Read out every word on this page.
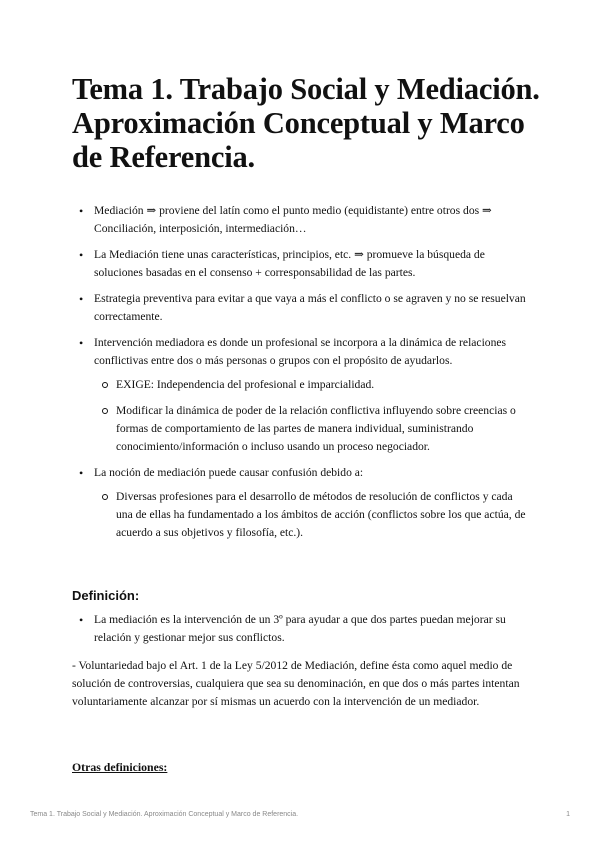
Tema 1. Trabajo Social y Mediación. Aproximación Conceptual y Marco de Referencia.
• Mediación ⇒ proviene del latín como el punto medio (equidistante) entre otros dos ⇒ Conciliación, interposición, intermediación…
• La Mediación tiene unas características, principios, etc. ⇒ promueve la búsqueda de soluciones basadas en el consenso + corresponsabilidad de las partes.
• Estrategia preventiva para evitar a que vaya a más el conflicto o se agraven y no se resuelvan correctamente.
• Intervención mediadora es donde un profesional se incorpora a la dinámica de relaciones conflictivas entre dos o más personas o grupos con el propósito de ayudarlos.
EXIGE: Independencia del profesional e imparcialidad.
Modificar la dinámica de poder de la relación conflictiva influyendo sobre creencias o formas de comportamiento de las partes de manera individual, suministrando conocimiento/información o incluso usando un proceso negociador.
• La noción de mediación puede causar confusión debido a:
Diversas profesiones para el desarrollo de métodos de resolución de conflictos y cada una de ellas ha fundamentado a los ámbitos de acción (conflictos sobre los que actúa, de acuerdo a sus objetivos y filosofía, etc.).
Definición:
• La mediación es la intervención de un 3º para ayudar a que dos partes puedan mejorar su relación y gestionar mejor sus conflictos.

- Voluntariedad bajo el Art. 1 de la Ley 5/2012 de Mediación, define ésta como aquel medio de solución de controversias, cualquiera que sea su denominación, en que dos o más partes intentan voluntariamente alcanzar por sí mismas un acuerdo con la intervención de un mediador.

Otras definiciones:

Tema 1. Trabajo Social y Mediación. Aproximación Conceptual y Marco de Referencia.	1
